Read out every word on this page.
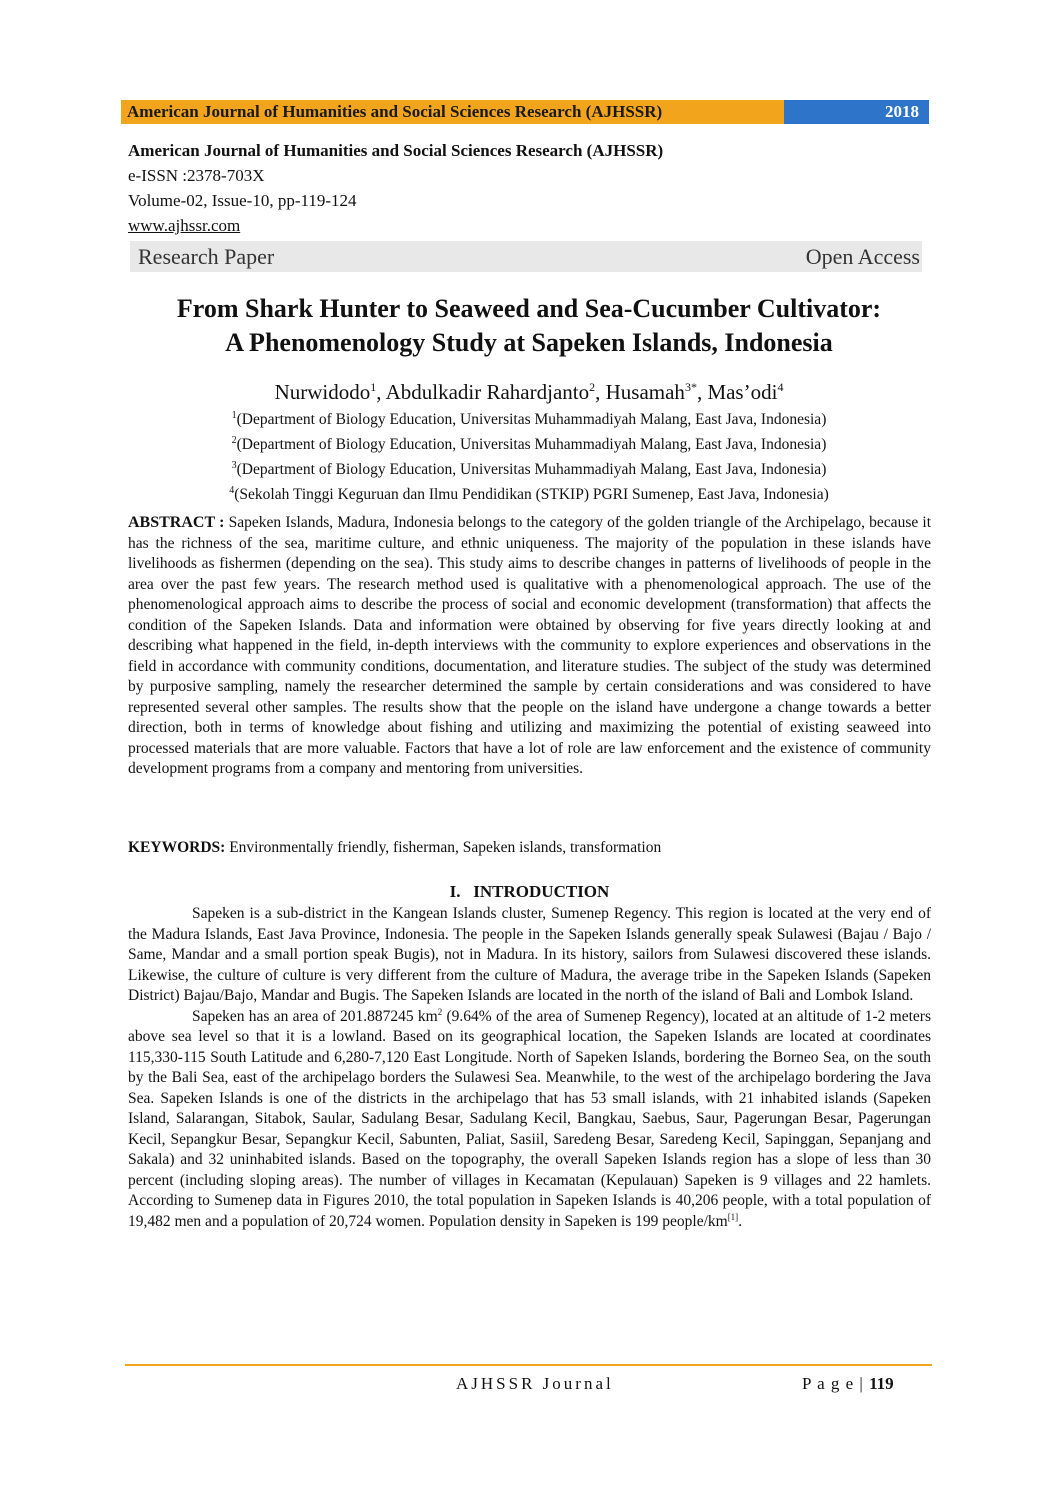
American Journal of Humanities and Social Sciences Research (AJHSSR)	2018
American Journal of Humanities and Social Sciences Research (AJHSSR)
e-ISSN :2378-703X
Volume-02, Issue-10, pp-119-124
www.ajhssr.com
Research Paper	Open Access
From Shark Hunter to Seaweed and Sea-Cucumber Cultivator:
A Phenomenology Study at Sapeken Islands, Indonesia
Nurwidodo$^1$, Abdulkadir Rahardjanto$^2$, Husamah$^{3*}$, Mas’odi$^4$
$^1$(Department of Biology Education, Universitas Muhammadiyah Malang, East Java, Indonesia)
$^2$(Department of Biology Education, Universitas Muhammadiyah Malang, East Java, Indonesia)
$^3$(Department of Biology Education, Universitas Muhammadiyah Malang, East Java, Indonesia)
$^4$(Sekolah Tinggi Keguruan dan Ilmu Pendidikan (STKIP) PGRI Sumenep, East Java, Indonesia)
ABSTRACT : Sapeken Islands, Madura, Indonesia belongs to the category of the golden triangle of the Archipelago, because it has the richness of the sea, maritime culture, and ethnic uniqueness. The majority of the population in these islands have livelihoods as fishermen (depending on the sea). This study aims to describe changes in patterns of livelihoods of people in the area over the past few years. The research method used is qualitative with a phenomenological approach. The use of the phenomenological approach aims to describe the process of social and economic development (transformation) that affects the condition of the Sapeken Islands. Data and information were obtained by observing for five years directly looking at and describing what happened in the field, in-depth interviews with the community to explore experiences and observations in the field in accordance with community conditions, documentation, and literature studies. The subject of the study was determined by purposive sampling, namely the researcher determined the sample by certain considerations and was considered to have represented several other samples. The results show that the people on the island have undergone a change towards a better direction, both in terms of knowledge about fishing and utilizing and maximizing the potential of existing seaweed into processed materials that are more valuable. Factors that have a lot of role are law enforcement and the existence of community development programs from a company and mentoring from universities.
KEYWORDS: Environmentally friendly, fisherman, Sapeken islands, transformation
I.   INTRODUCTION

Sapeken is a sub-district in the Kangean Islands cluster, Sumenep Regency. This region is located at the very end of the Madura Islands, East Java Province, Indonesia. The people in the Sapeken Islands generally speak Sulawesi (Bajau / Bajo / Same, Mandar and a small portion speak Bugis), not in Madura. In its history, sailors from Sulawesi discovered these islands. Likewise, the culture of culture is very different from the culture of Madura, the average tribe in the Sapeken Islands (Sapeken District) Bajau/Bajo, Mandar and Bugis. The Sapeken Islands are located in the north of the island of Bali and Lombok Island.

Sapeken has an area of 201.887245 $km^2$ (9.64% of the area of Sumenep Regency), located at an altitude of 1-2 meters above sea level so that it is a lowland. Based on its geographical location, the Sapeken Islands are located at coordinates 115,330-115 South Latitude and 6,280-7,120 East Longitude. North of Sapeken Islands, bordering the Borneo Sea, on the south by the Bali Sea, east of the archipelago borders the Sulawesi Sea. Meanwhile, to the west of the archipelago bordering the Java Sea. Sapeken Islands is one of the districts in the archipelago that has 53 small islands, with 21 inhabited islands (Sapeken Island, Salarangan, Sitabok, Saular, Sadulang Besar, Sadulang Kecil, Bangkau, Saebus, Saur, Pagerungan Besar, Pagerungan Kecil, Sepangkur Besar, Sepangkur Kecil, Sabunten, Paliat, Sasiil, Saredeng Besar, Saredeng Kecil, Sapinggan, Sepanjang and Sakala) and 32 uninhabited islands. Based on the topography, the overall Sapeken Islands region has a slope of less than 30 percent (including sloping areas). The number of villages in Kecamatan (Kepulauan) Sapeken is 9 villages and 22 hamlets. According to Sumenep data in Figures 2010, the total population in Sapeken Islands is 40,206 people, with a total population of 19,482 men and a population of 20,724 women. Population density in Sapeken is 199 people/km[1].

AJHSSR Journal	P a g e | 119
